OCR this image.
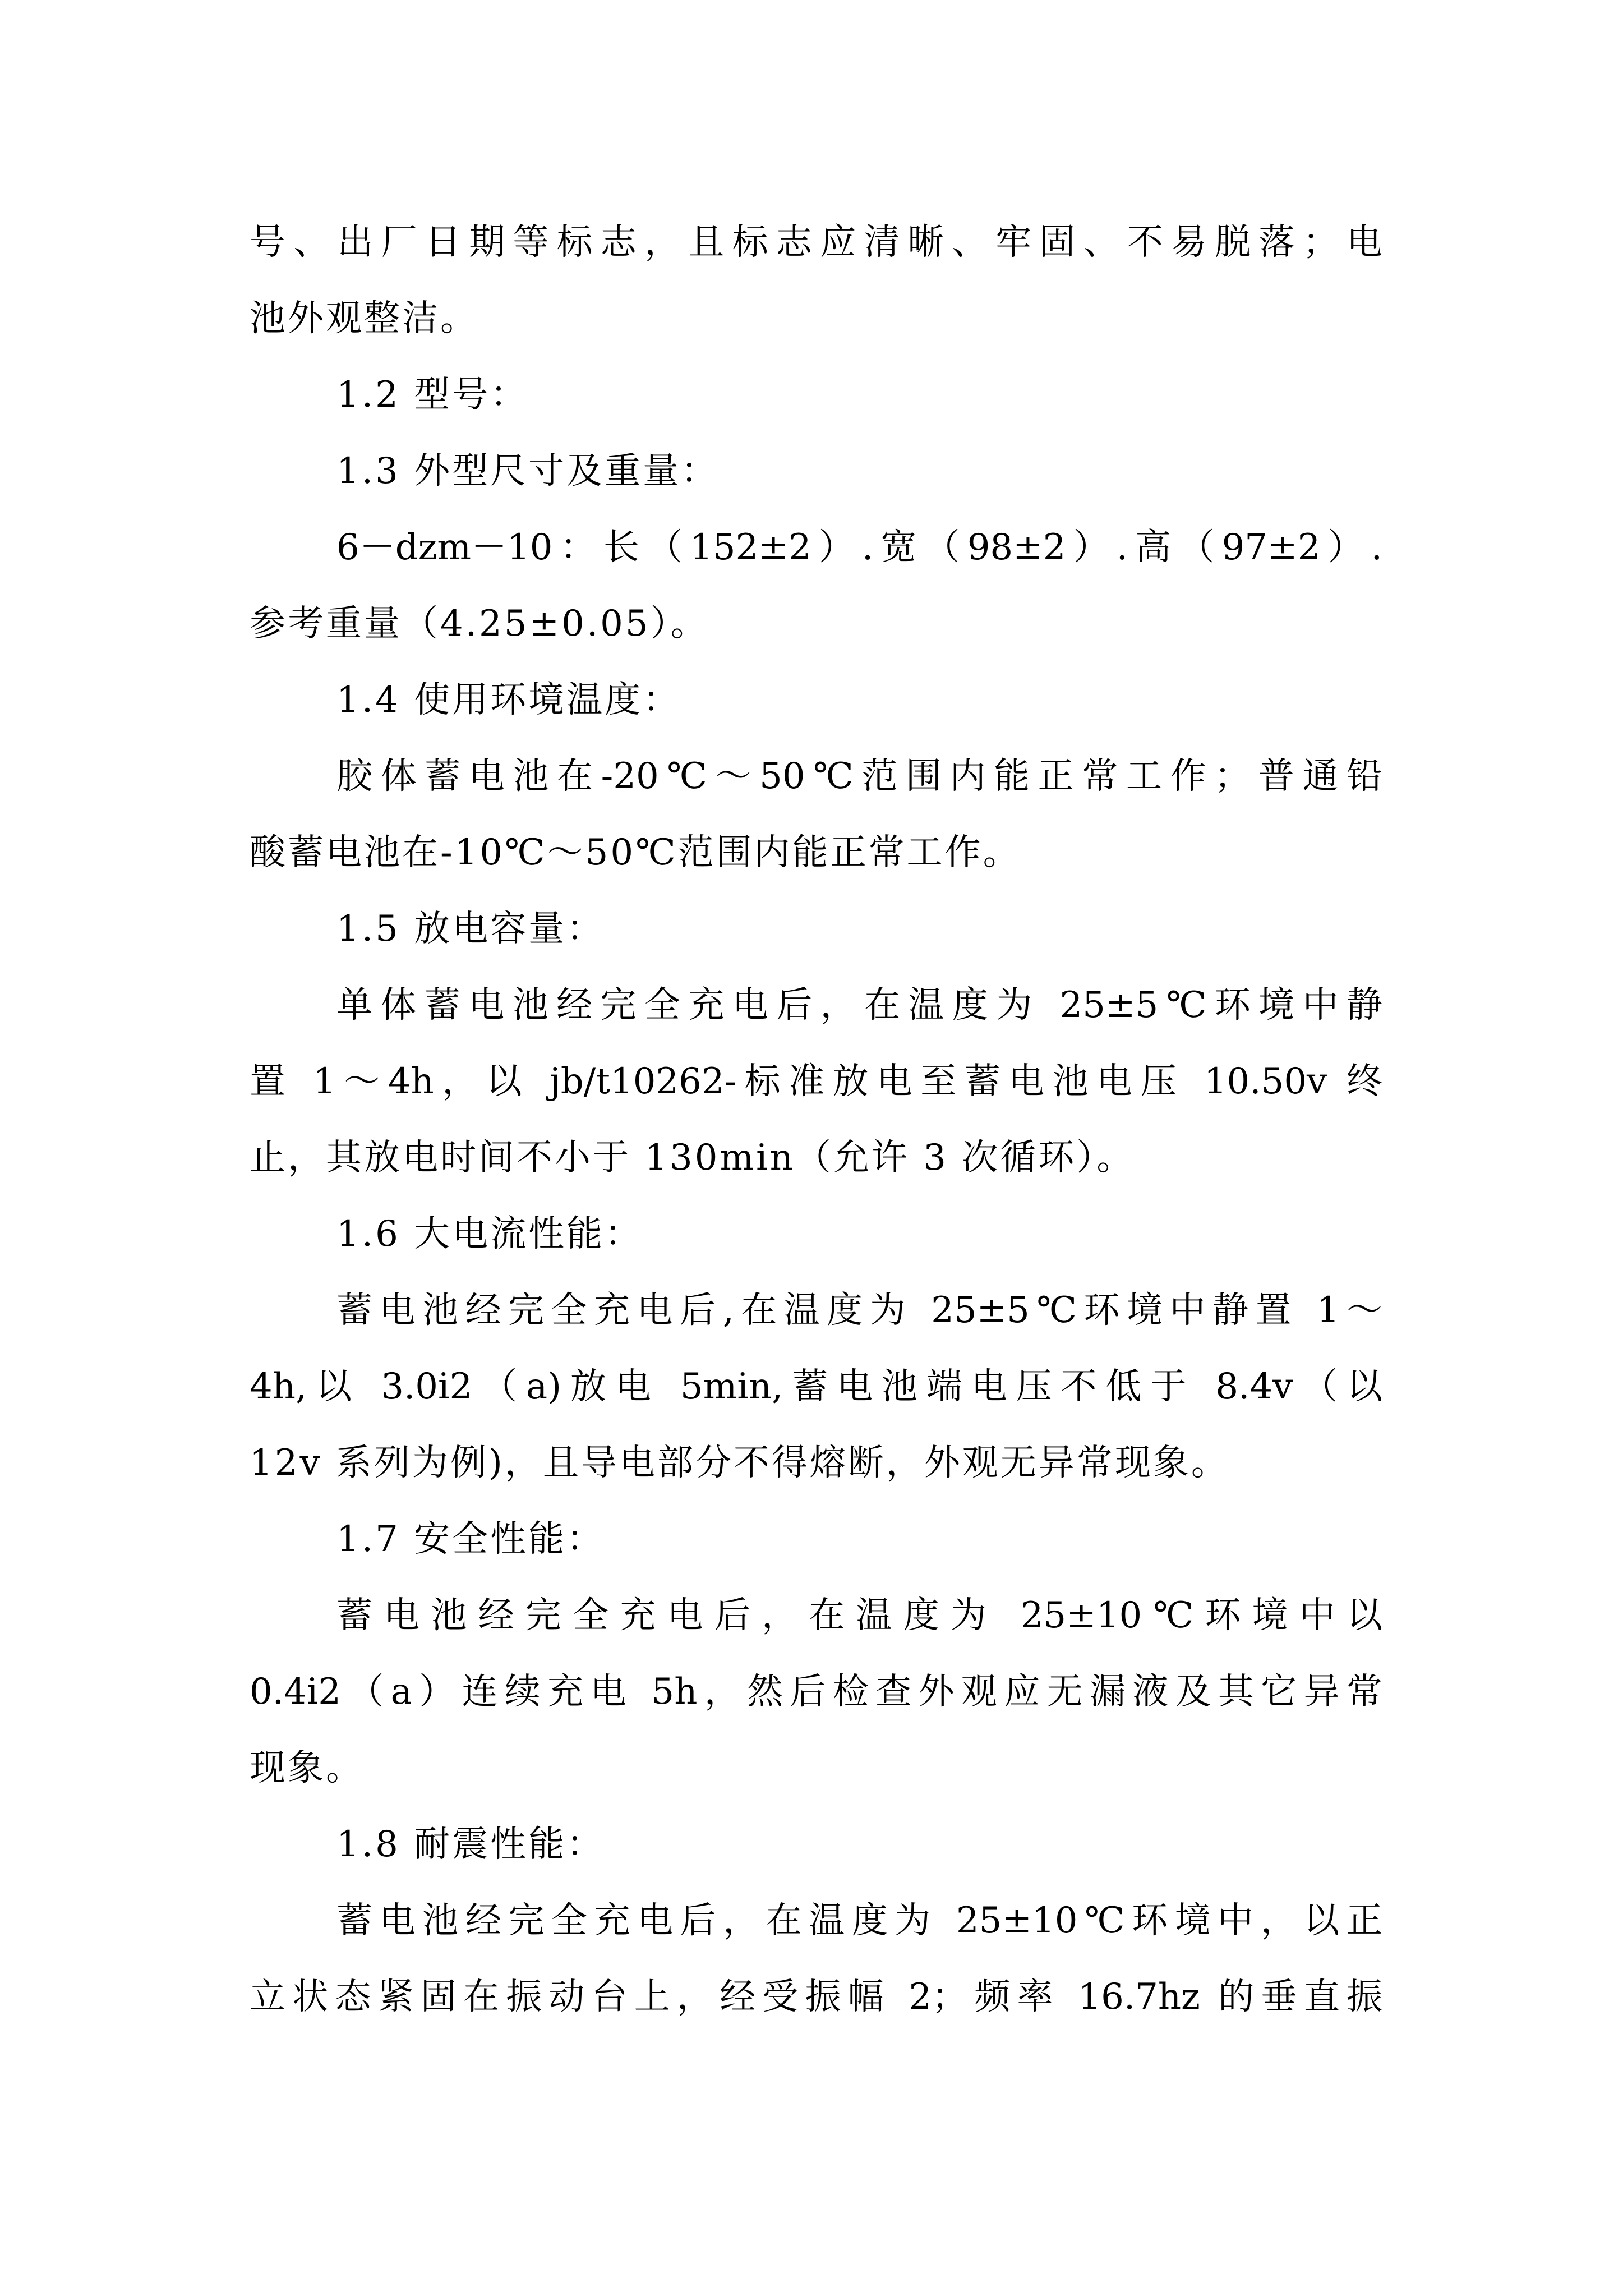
号、出厂日期等标志，且标志应清晰、牢固、不易脱落；电
池外观整洁。
1.2 型号：
1.3 外型尺寸及重量：
6－dzm－10：长（152±2）.宽（98±2）.高（97±2）.
参考重量（4.25±0.05）。
1.4 使用环境温度：
胶体蓄电池在-20℃～50℃范围内能正常工作；普通铅
酸蓄电池在-10℃～50℃范围内能正常工作。
1.5 放电容量：
单体蓄电池经完全充电后，在温度为 25±5℃环境中静
置 1～4h，以 jb/t10262-标准放电至蓄电池电压 10.50v 终
止，其放电时间不小于 130min（允许 3 次循环）。
1.6 大电流性能：
蓄电池经完全充电后,在温度为 25±5℃环境中静置 1～
4h,以 3.0i2（a)放电 5min,蓄电池端电压不低于 8.4v（以
12v 系列为例)，且导电部分不得熔断，外观无异常现象。
1.7 安全性能：
蓄电池经完全充电后，在温度为 25±10℃环境中以
0.4i2（a）连续充电 5h，然后检查外观应无漏液及其它异常
现象。
1.8 耐震性能：
蓄电池经完全充电后，在温度为 25±10℃环境中，以正
立状态紧固在振动台上，经受振幅 2；频率 16.7hz 的垂直振
